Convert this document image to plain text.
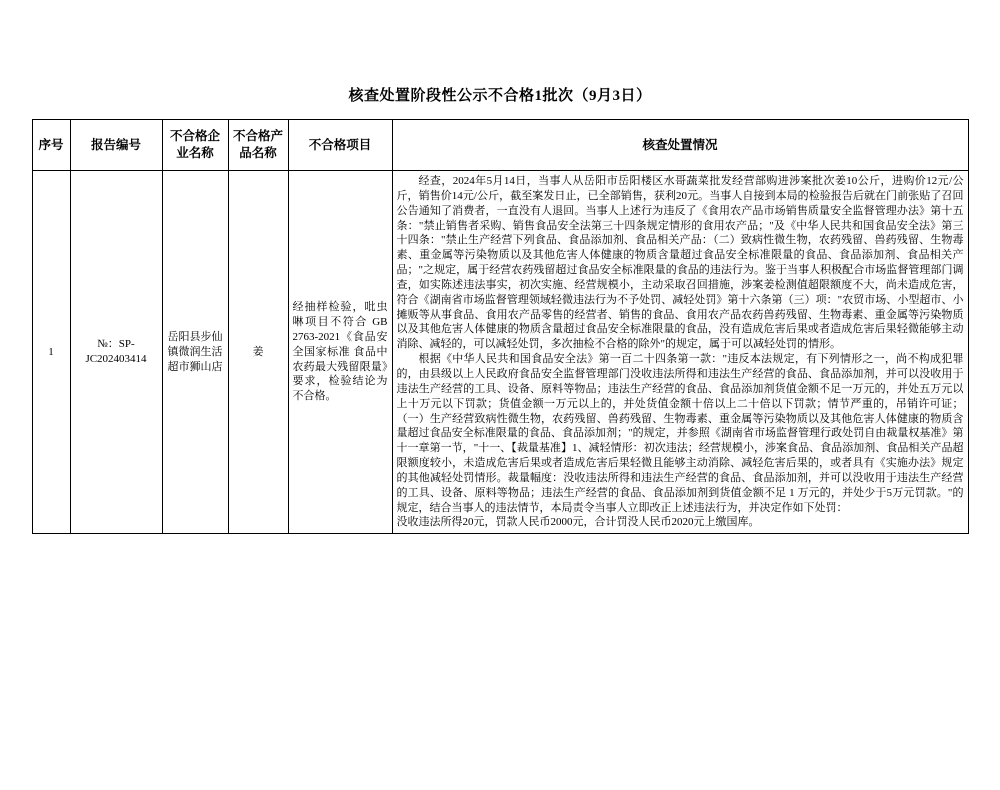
核查处置阶段性公示不合格1批次（9月3日）
序号	报告编号	不合格企业名称	不合格产品名称	不合格项目	核查处置情况
1	№：SP-JC202403414	岳阳县步仙镇微润生活超市狮山店	姜	经抽样检验，吡虫啉项目不符合 GB 2763-2021《食品安全国家标准 食品中农药最大残留限量》要求，检验结论为不合格。	经查，2024年5月14日，当事人从岳阳市岳阳楼区水哥蔬菜批发经营部购进涉案批次姜10公斤，进购价12元/公斤，销售价14元/公斤，截至案发日止，已全部销售，获利20元。当事人自接到本局的检验报告后就在门前张贴了召回公告通知了消费者，一直没有人退回。当事人上述行为违反了《食用农产品市场销售质量安全监督管理办法》第十五条："禁止销售者采购、销售食品安全法第三十四条规定情形的食用农产品；"及《中华人民共和国食品安全法》第三十四条："禁止生产经营下列食品、食品添加剂、食品相关产品：（二）致病性微生物，农药残留、兽药残留、生物毒素、重金属等污染物质以及其他危害人体健康的物质含量超过食品安全标准限量的食品、食品添加剂、食品相关产品；"之规定，属于经营农药残留超过食品安全标准限量的食品的违法行为。鉴于当事人积极配合市场监督管理部门调查，如实陈述违法事实，初次实施、经营规模小，主动采取召回措施，涉案姜检测值超限额度不大，尚未造成危害，符合《湖南省市场监督管理领域轻微违法行为不予处罚、减轻处罚》第十六条第（三）项："农贸市场、小型超市、小摊贩等从事食品、食用农产品零售的经营者、销售的食品、食用农产品农药兽药残留、生物毒素、重金属等污染物质以及其他危害人体健康的物质含量超过食品安全标准限量的食品，没有造成危害后果或者造成危害后果轻微能够主动消除、减轻的，可以减轻处罚，多次抽检不合格的除外"的规定，属于可以减轻处罚的情形。

根据《中华人民共和国食品安全法》第一百二十四条第一款："违反本法规定，有下列情形之一，尚不构成犯罪的，由县级以上人民政府食品安全监督管理部门没收违法所得和违法生产经营的食品、食品添加剂，并可以没收用于违法生产经营的工具、设备、原料等物品；违法生产经营的食品、食品添加剂货值金额不足一万元的，并处五万元以上十万元以下罚款；货值金额一万元以上的，并处货值金额十倍以上二十倍以下罚款；情节严重的，吊销许可证；（一）生产经营致病性微生物，农药残留、兽药残留、生物毒素、重金属等污染物质以及其他危害人体健康的物质含量超过食品安全标准限量的食品、食品添加剂；"的规定，并参照《湖南省市场监督管理行政处罚自由裁量权基准》第十一章第一节，"十一、【裁量基准】1、减轻情形：初次违法；经营规模小，涉案食品、食品添加剂、食品相关产品超限额度较小，未造成危害后果或者造成危害后果轻微且能够主动消除、减轻危害后果的，或者具有《实施办法》规定的其他减轻处罚情形。裁量幅度：没收违法所得和违法生产经营的食品、食品添加剂，并可以没收用于违法生产经营的工具、设备、原料等物品；违法生产经营的食品、食品添加剂到货值金额不足 1 万元的，并处少于5万元罚款。"的规定，结合当事人的违法情节，本局责令当事人立即改正上述违法行为，并决定作如下处罚：

没收违法所得20元，罚款人民币2000元，合计罚没人民币2020元上缴国库。
